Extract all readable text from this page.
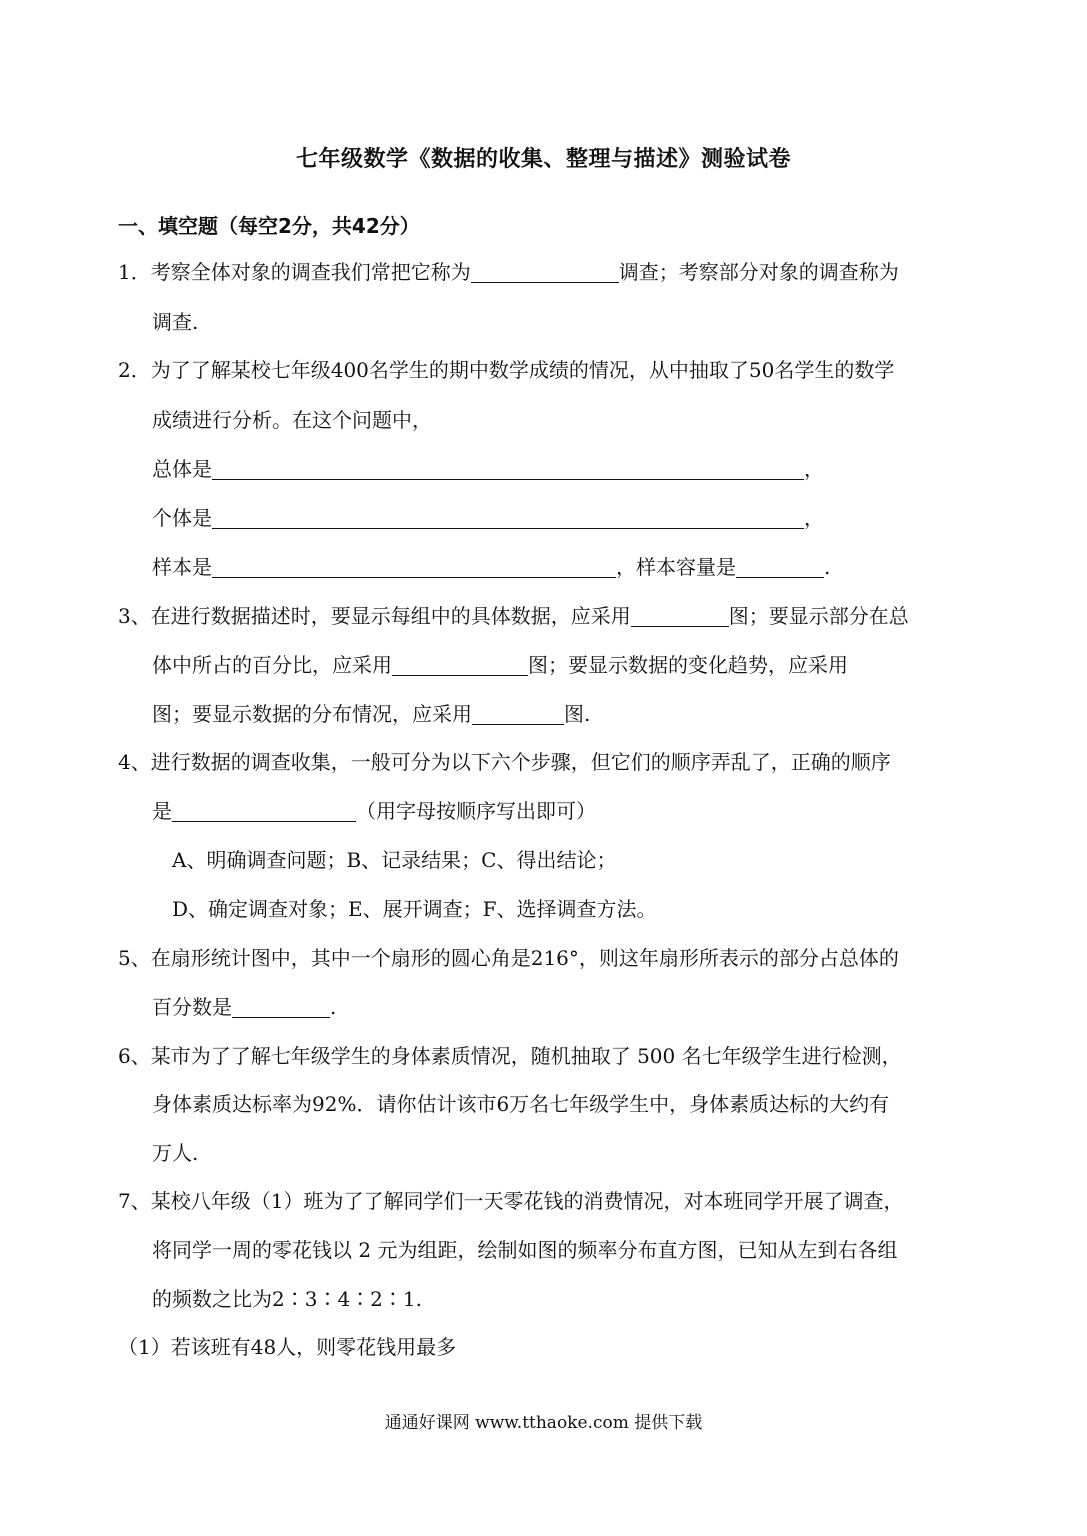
七年级数学《数据的收集、整理与描述》测验试卷
一、填空题（每空2分，共42分）
1．考察全体对象的调查我们常把它称为	调查；考察部分对象的调查称为
调查.
2．为了了解某校七年级400名学生的期中数学成绩的情况，从中抽取了50名学生的数学
成绩进行分析。在这个问题中，
总体是	，
个体是	，
样本是	，样本容量是	.
3、在进行数据描述时，要显示每组中的具体数据，应采用	图；要显示部分在总
体中所占的百分比，应采用	图；要显示数据的变化趋势，应采用
图；要显示数据的分布情况，应采用	图.
4、进行数据的调查收集，一般可分为以下六个步骤，但它们的顺序弄乱了，正确的顺序
是	（用字母按顺序写出即可）
A、明确调查问题；B、记录结果；C、得出结论；
D、确定调查对象；E、展开调查；F、选择调查方法。
5、在扇形统计图中，其中一个扇形的圆心角是216°，则这年扇形所表示的部分占总体的
百分数是	.
6、某市为了了解七年级学生的身体素质情况，随机抽取了 500 名七年级学生进行检测，
身体素质达标率为92%．请你估计该市6万名七年级学生中，身体素质达标的大约有
万人.
7、某校八年级（1）班为了了解同学们一天零花钱的消费情况，对本班同学开展了调查，
将同学一周的零花钱以 2 元为组距，绘制如图的频率分布直方图，已知从左到右各组
的频数之比为2∶3∶4∶2∶1.
（1）若该班有48人，则零花钱用最多
通通好课网 www.tthaoke.com 提供下载
